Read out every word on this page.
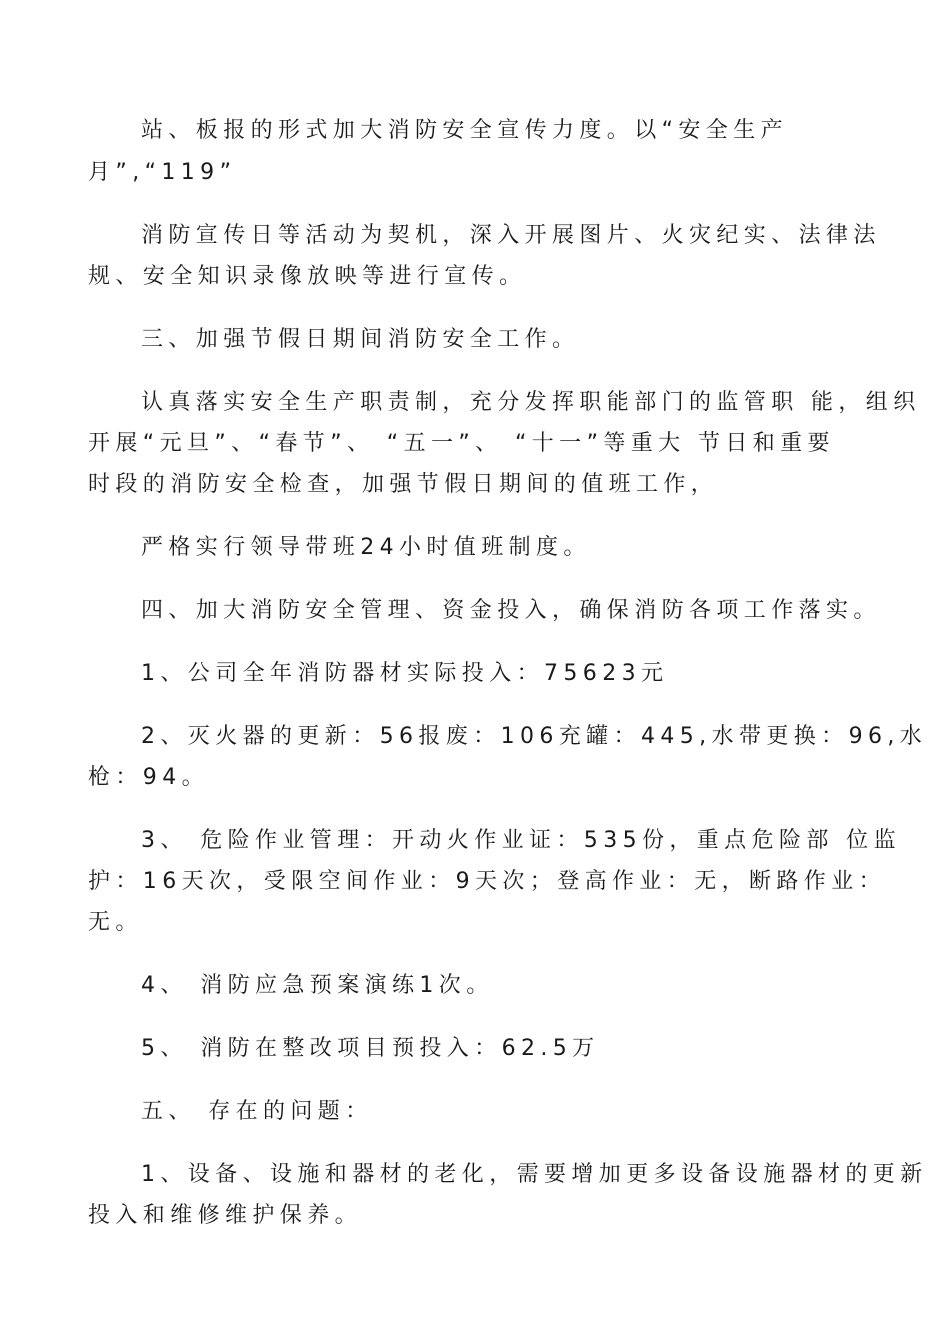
站、板报的形式加大消防安全宣传力度。以“安全生产

月”,“119”

消防宣传日等活动为契机，深入开展图片、火灾纪实、法律法

规、安全知识录像放映等进行宣传。

三、加强节假日期间消防安全工作。

认真落实安全生产职责制，充分发挥职能部门的监管职 能，组织

开展“元旦”、“春节”、 “五一”、 “十一”等重大 节日和重要

时段的消防安全检查，加强节假日期间的值班工作，

严格实行领导带班24小时值班制度。

四、加大消防安全管理、资金投入，确保消防各项工作落实。

1、公司全年消防器材实际投入：75623元

2、灭火器的更新：56报废：106充罐：445,水带更换：96,水

枪：94。

3、 危险作业管理：开动火作业证：535份，重点危险部 位监

护：16天次，受限空间作业：9天次；登高作业：无，断路作业：

无。

4、 消防应急预案演练1次。

5、 消防在整改项目预投入：62.5万

五、 存在的问题：

1、设备、设施和器材的老化，需要增加更多设备设施器材的更新

投入和维修维护保养。
